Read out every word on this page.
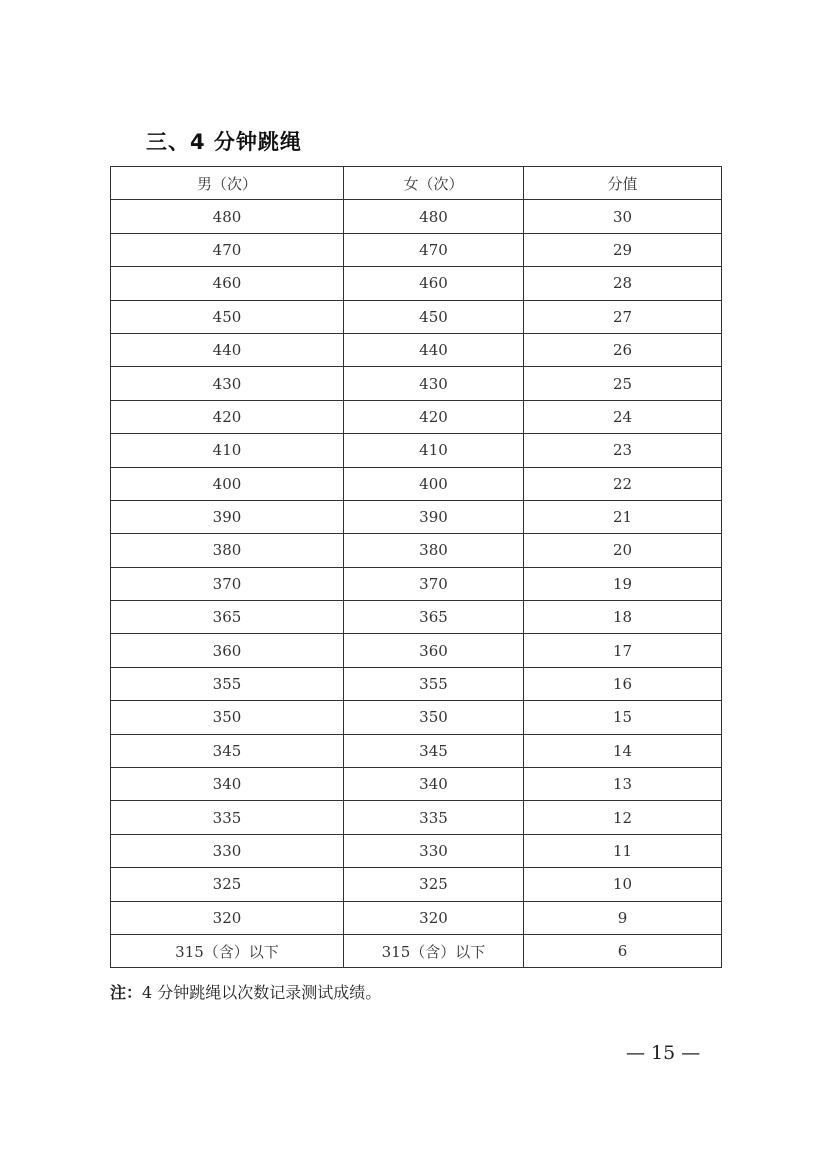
三、4 分钟跳绳
男（次）	女（次）	分值
480	480	30
470	470	29
460	460	28
450	450	27
440	440	26
430	430	25
420	420	24
410	410	23
400	400	22
390	390	21
380	380	20
370	370	19
365	365	18
360	360	17
355	355	16
350	350	15
345	345	14
340	340	13
335	335	12
330	330	11
325	325	10
320	320	9
315（含）以下	315（含）以下	6
注：4 分钟跳绳以次数记录测试成绩。
— 15 —
